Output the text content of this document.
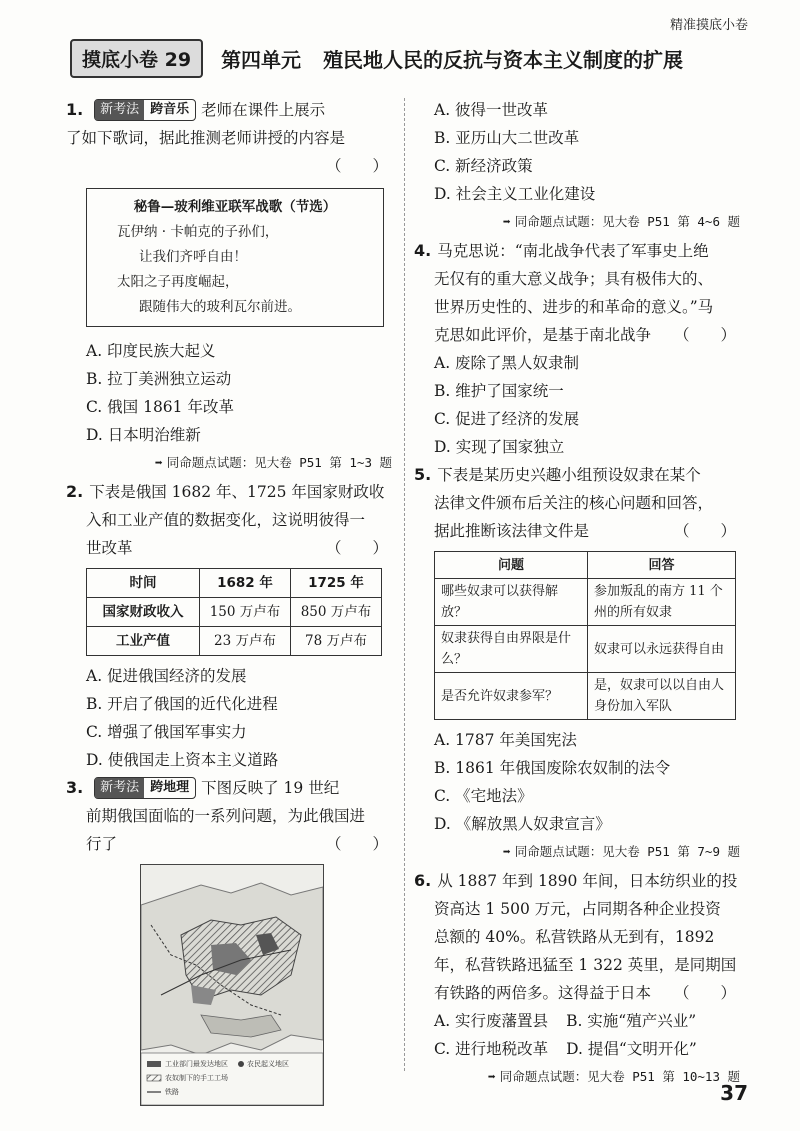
精准摸底小卷
摸底小卷 29	第四单元 殖民地人民的反抗与资本主义制度的扩展
1.	新考法 跨音乐 老师在课件上展示
了如下歌词，据此推测老师讲授的内容是
（　　）
秘鲁—玻利维亚联军战歌（节选）
瓦伊纳 · 卡帕克的子孙们，
让我们齐呼自由！
太阳之子再度崛起，
跟随伟大的玻利瓦尔前进。
A. 印度民族大起义
B. 拉丁美洲独立运动
C. 俄国 1861 年改革
D. 日本明治维新
➡ 同命题点试题：见大卷 P51 第 1~3 题
2. 下表是俄国 1682 年、1725 年国家财政收
入和工业产值的数据变化，这说明彼得一
世改革	（　　）
时间	1682 年	1725 年
国家财政收入	150 万卢布	850 万卢布
工业产值	23 万卢布	78 万卢布
A. 促进俄国经济的发展
B. 开启了俄国的近代化进程
C. 增强了俄国军事实力
D. 使俄国走上资本主义道路
3.	新考法 跨地理 下图反映了 19 世纪
前期俄国面临的一系列问题，为此俄国进
行了	（　　）
工业部门最发达地区
农奴制下的手工工场
铁路
农民起义地区
A. 彼得一世改革
B. 亚历山大二世改革
C. 新经济政策
D. 社会主义工业化建设
➡ 同命题点试题：见大卷 P51 第 4~6 题
4. 马克思说：“南北战争代表了军事史上绝
无仅有的重大意义战争；具有极伟大的、
世界历史性的、进步的和革命的意义。”马
克思如此评价，是基于南北战争 （　　）
A. 废除了黑人奴隶制
B. 维护了国家统一
C. 促进了经济的发展
D. 实现了国家独立
5. 下表是某历史兴趣小组预设奴隶在某个
法律文件颁布后关注的核心问题和回答，
据此推断该法律文件是	（　　）
问题	回答
哪些奴隶可以获得解放？	参加叛乱的南方 11 个州的所有奴隶
奴隶获得自由界限是什么？	奴隶可以永远获得自由
是否允许奴隶参军？	是，奴隶可以以自由人身份加入军队
A. 1787 年美国宪法
B. 1861 年俄国废除农奴制的法令
C. 《宅地法》
D. 《解放黑人奴隶宣言》
➡ 同命题点试题：见大卷 P51 第 7~9 题
6. 从 1887 年到 1890 年间，日本纺织业的投
资高达 1 500 万元，占同期各种企业投资
总额的 40%。私营铁路从无到有，1892
年，私营铁路迅猛至 1 322 英里，是同期国
有铁路的两倍多。这得益于日本 （　　）
A. 实行废藩置县 B. 实施“殖产兴业”
C. 进行地税改革 D. 提倡“文明开化”
➡ 同命题点试题：见大卷 P51 第 10~13 题
37
